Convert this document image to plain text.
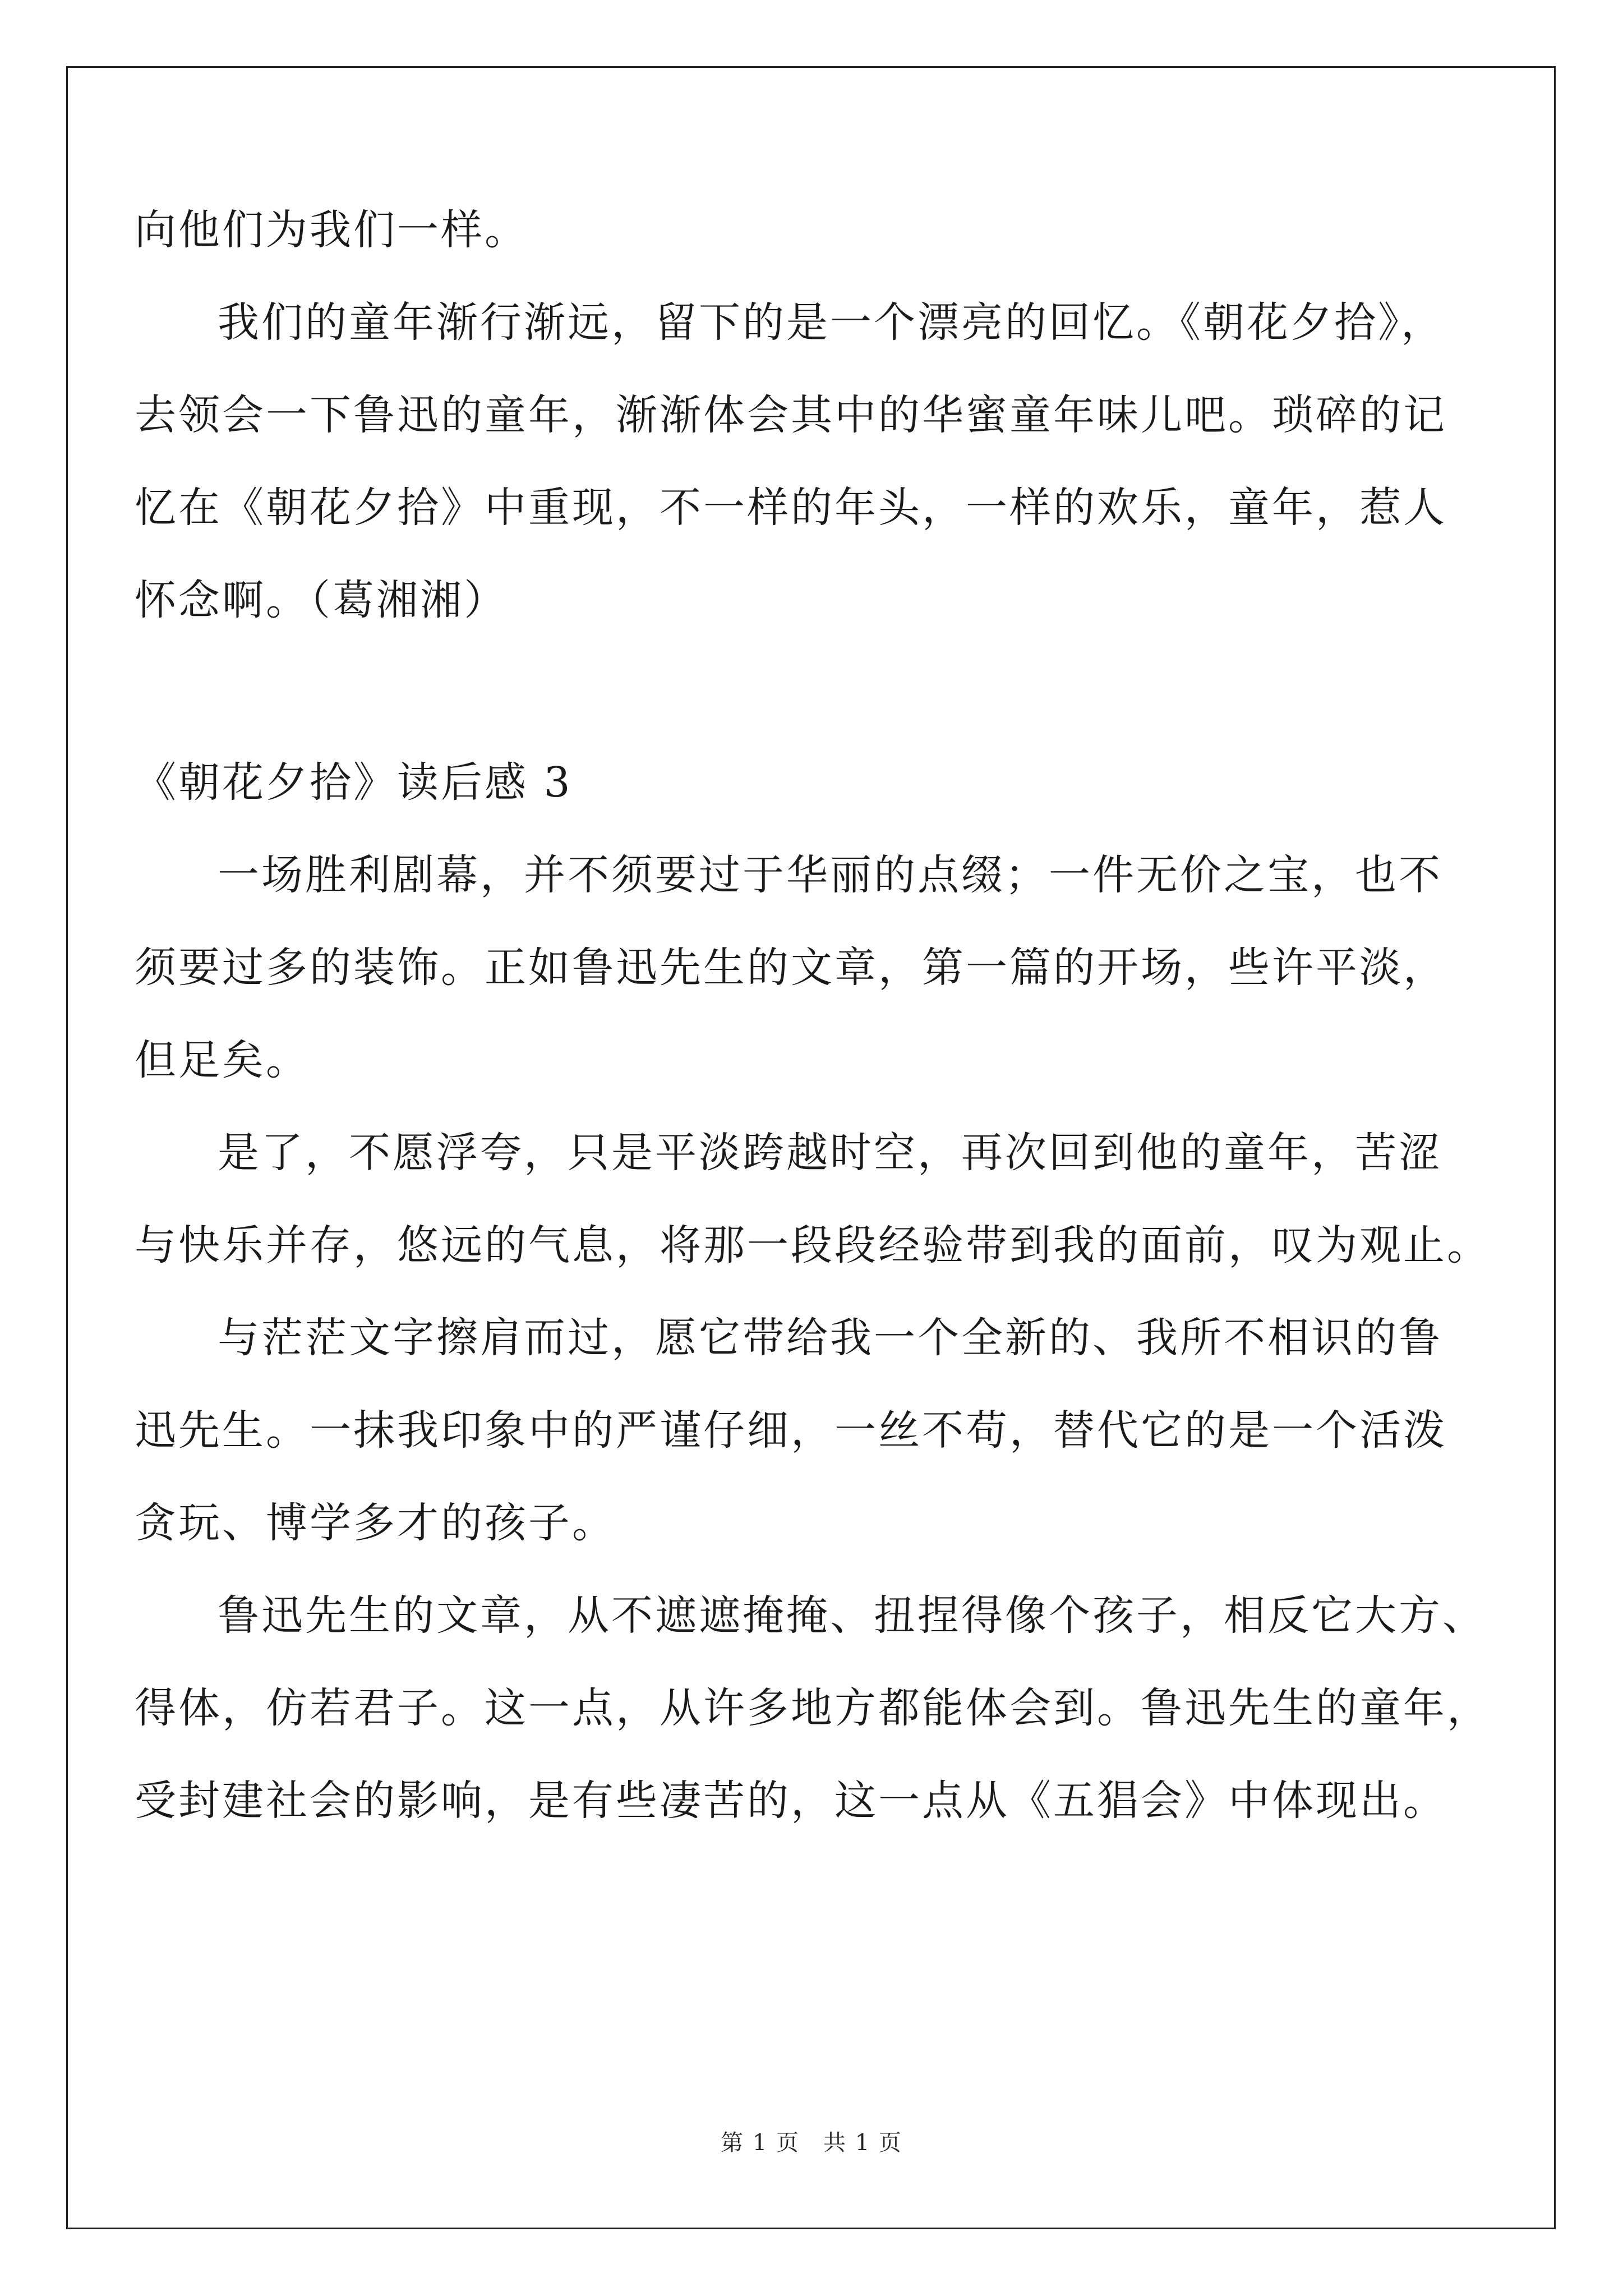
向他们为我们一样。
我们的童年渐行渐远，留下的是一个漂亮的回忆。《朝花夕拾》，
去领会一下鲁迅的童年，渐渐体会其中的华蜜童年味儿吧。琐碎的记
忆在《朝花夕拾》中重现，不一样的年头，一样的欢乐，童年，惹人
怀念啊。（葛湘湘）
《朝花夕拾》读后感 3
一场胜利剧幕，并不须要过于华丽的点缀；一件无价之宝，也不
须要过多的装饰。正如鲁迅先生的文章，第一篇的开场，些许平淡，
但足矣。
是了，不愿浮夸，只是平淡跨越时空，再次回到他的童年，苦涩
与快乐并存，悠远的气息，将那一段段经验带到我的面前，叹为观止。
与茫茫文字擦肩而过，愿它带给我一个全新的、我所不相识的鲁
迅先生。一抹我印象中的严谨仔细，一丝不苟，替代它的是一个活泼
贪玩、博学多才的孩子。
鲁迅先生的文章，从不遮遮掩掩、扭捏得像个孩子，相反它大方、
得体，仿若君子。这一点，从许多地方都能体会到。鲁迅先生的童年，
受封建社会的影响，是有些凄苦的，这一点从《五猖会》中体现出。
第 1 页　共 1 页
